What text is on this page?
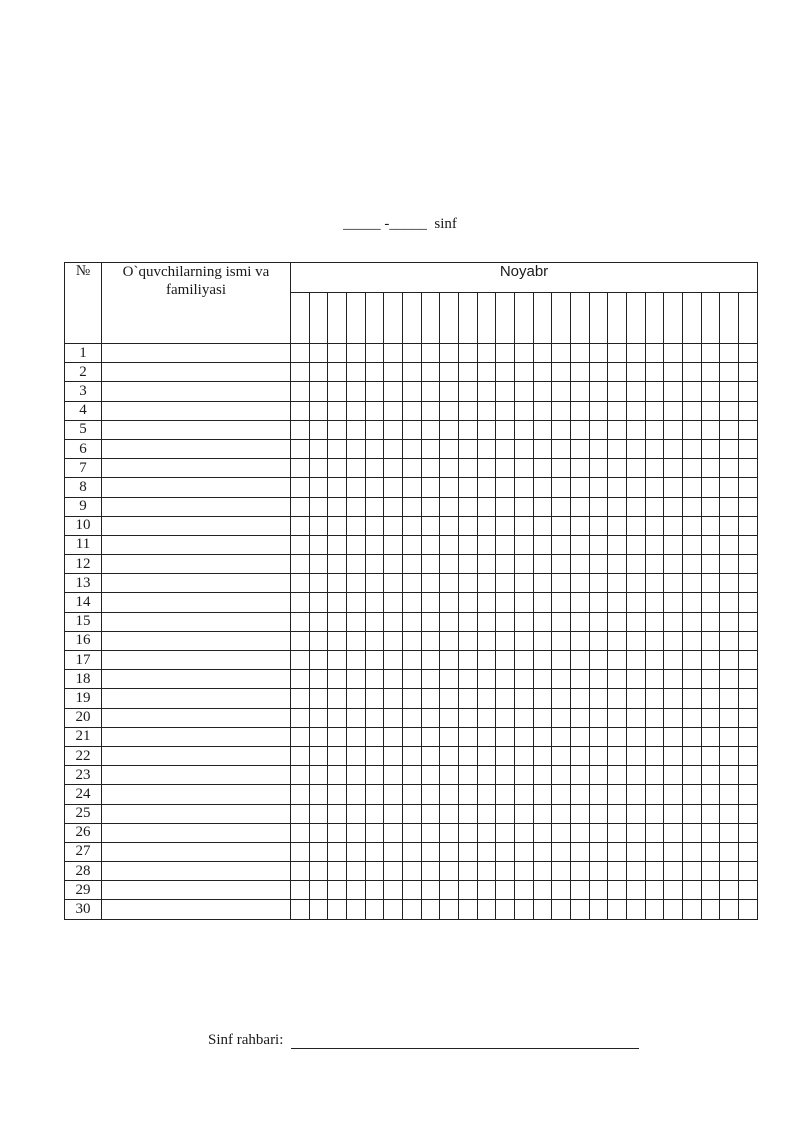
_____ -_____  sinf
№	O`quvchilarning ismi va familiyasi	Noyabr																								

1																										
2																										
3																										
4																										
5																										
6																										
7																										
8																										
9																										
10																										
11																										
12																										
13																										
14																										
15																										
16																										
17																										
18																										
19																										
20																										
21																										
22																										
23																										
24																										
25																										
26																										
27																										
28																										
29																										
30																										
Sinf rahbari:
